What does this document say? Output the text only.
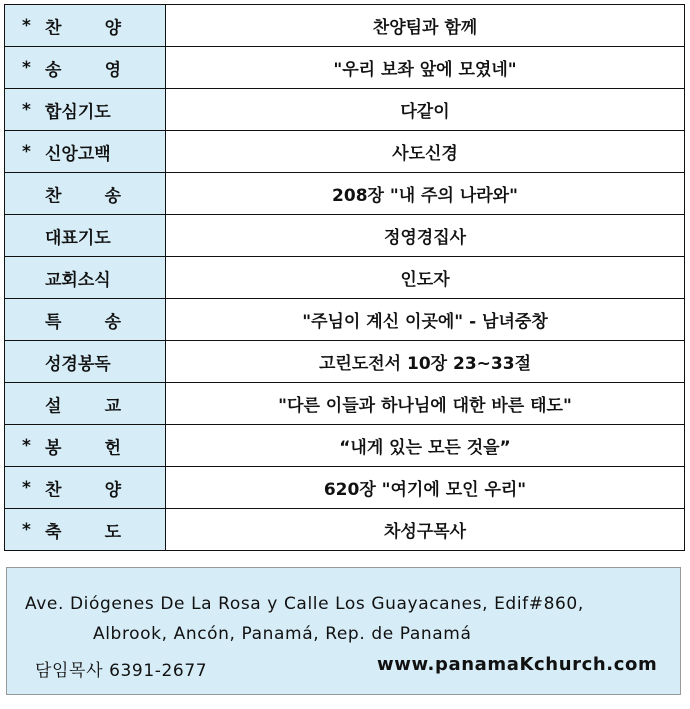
* 찬 양	찬양팀과 함께

* 송 영	"우리 보좌 앞에 모였네"

* 합심기도	다같이

* 신앙고백	사도신경

찬 송	208장 "내 주의 나라와"

대표기도	정영경집사

교회소식	인도자

특 송	"주님이 계신 이곳에" - 남녀중창

성경봉독	고린도전서 10장 23~33절

설 교	"다른 이들과 하나님에 대한 바른 태도"

* 봉 헌	“내게 있는 모든 것을”

* 찬 양	620장 "여기에 모인 우리"

* 축 도	차성구목사
Ave. Diógenes De La Rosa y Calle Los Guayacanes, Edif#860,
Albrook, Ancón, Panamá, Rep. de Panamá
담임목사 6391-2677	www.panamaKchurch.com
